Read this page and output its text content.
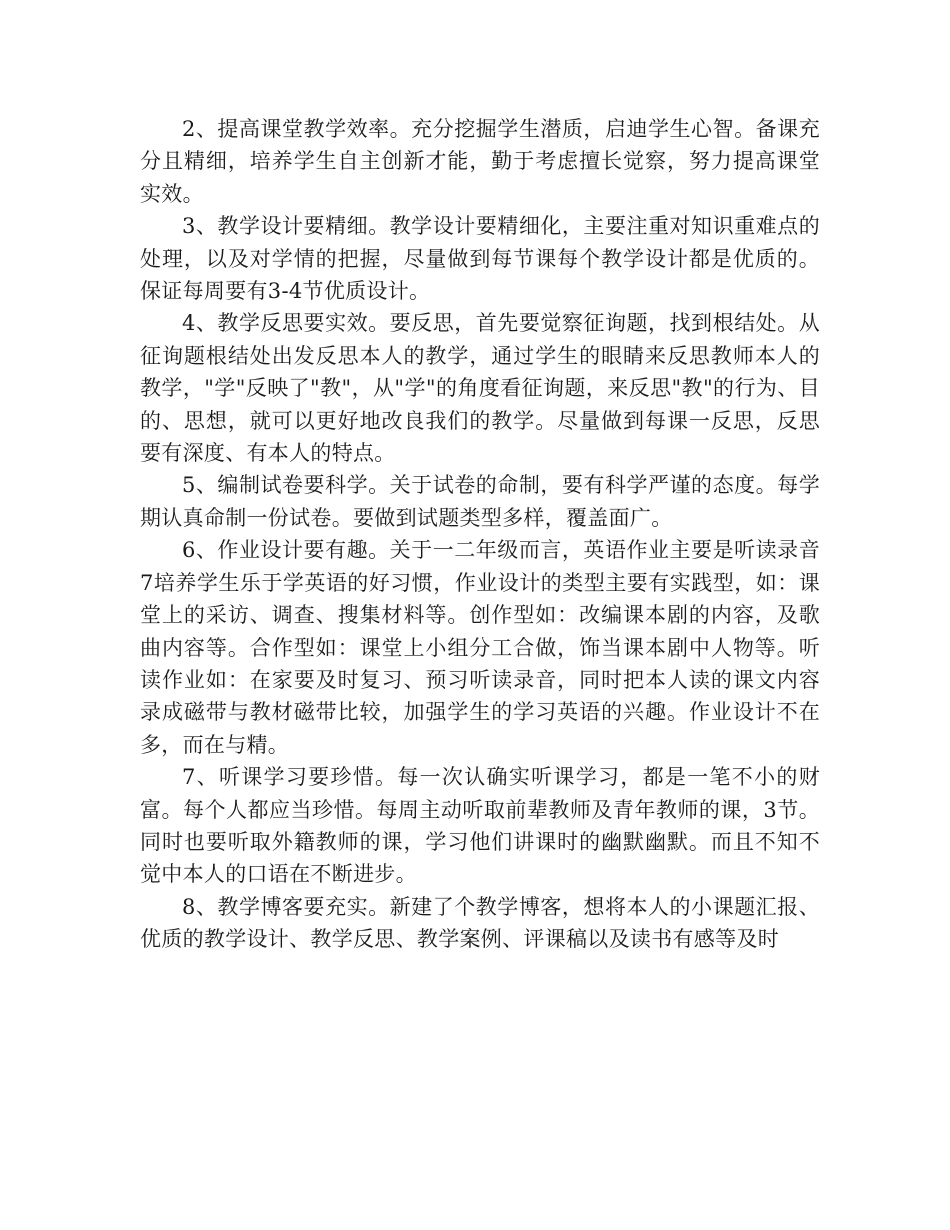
2、提高课堂教学效率。充分挖掘学生潜质，启迪学生心智。备课充分且精细，培养学生自主创新才能，勤于考虑擅长觉察，努力提高课堂实效。

3、教学设计要精细。教学设计要精细化，主要注重对知识重难点的处理，以及对学情的把握，尽量做到每节课每个教学设计都是优质的。保证每周要有3-4节优质设计。

4、教学反思要实效。要反思，首先要觉察征询题，找到根结处。从征询题根结处出发反思本人的教学，通过学生的眼睛来反思教师本人的教学，"学"反映了"教"，从"学"的角度看征询题，来反思"教"的行为、目的、思想，就可以更好地改良我们的教学。尽量做到每课一反思，反思要有深度、有本人的特点。

5、编制试卷要科学。关于试卷的命制，要有科学严谨的态度。每学期认真命制一份试卷。要做到试题类型多样，覆盖面广。

6、作业设计要有趣。关于一二年级而言，英语作业主要是听读录音7培养学生乐于学英语的好习惯，作业设计的类型主要有实践型，如：课堂上的采访、调查、搜集材料等。创作型如：改编课本剧的内容，及歌曲内容等。合作型如：课堂上小组分工合做，饰当课本剧中人物等。听读作业如：在家要及时复习、预习听读录音，同时把本人读的课文内容录成磁带与教材磁带比较，加强学生的学习英语的兴趣。作业设计不在多，而在与精。

7、听课学习要珍惜。每一次认确实听课学习，都是一笔不小的财富。每个人都应当珍惜。每周主动听取前辈教师及青年教师的课，3节。同时也要听取外籍教师的课，学习他们讲课时的幽默幽默。而且不知不觉中本人的口语在不断进步。

8、教学博客要充实。新建了个教学博客，想将本人的小课题汇报、优质的教学设计、教学反思、教学案例、评课稿以及读书有感等及时
